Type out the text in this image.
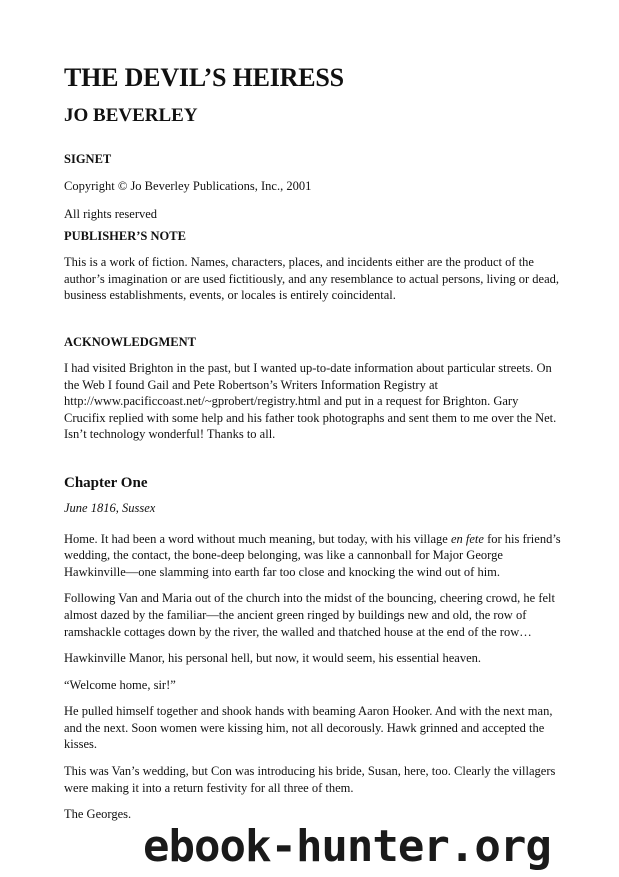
THE DEVIL’S HEIRESS
JO BEVERLEY
SIGNET

Copyright © Jo Beverley Publications, Inc., 2001

All rights reserved

PUBLISHER’S NOTE

This is a work of fiction. Names, characters, places, and incidents either are the product of the author’s imagination or are used fictitiously, and any resemblance to actual persons, living or dead, business establishments, events, or locales is entirely coincidental.

ACKNOWLEDGMENT

I had visited Brighton in the past, but I wanted up-to-date information about particular streets. On the Web I found Gail and Pete Robertson’s Writers Information Registry at http://www.pacificcoast.net/~gprobert/registry.html and put in a request for Brighton. Gary Crucifix replied with some help and his father took photographs and sent them to me over the Net. Isn’t technology wonderful! Thanks to all.

Chapter One

June 1816, Sussex

Home. It had been a word without much meaning, but today, with his village en fete for his friend’s wedding, the contact, the bone-deep belonging, was like a cannonball for Major George Hawkinville—one slamming into earth far too close and knocking the wind out of him.

Following Van and Maria out of the church into the midst of the bouncing, cheering crowd, he felt almost dazed by the familiar—the ancient green ringed by buildings new and old, the row of ramshackle cottages down by the river, the walled and thatched house at the end of the row…

Hawkinville Manor, his personal hell, but now, it would seem, his essential heaven.

“Welcome home, sir!”

He pulled himself together and shook hands with beaming Aaron Hooker. And with the next man, and the next. Soon women were kissing him, not all decorously. Hawk grinned and accepted the kisses.

This was Van’s wedding, but Con was introducing his bride, Susan, here, too. Clearly the villagers were making it into a return festivity for all three of them.

The Georges.

ebook-hunter.org
